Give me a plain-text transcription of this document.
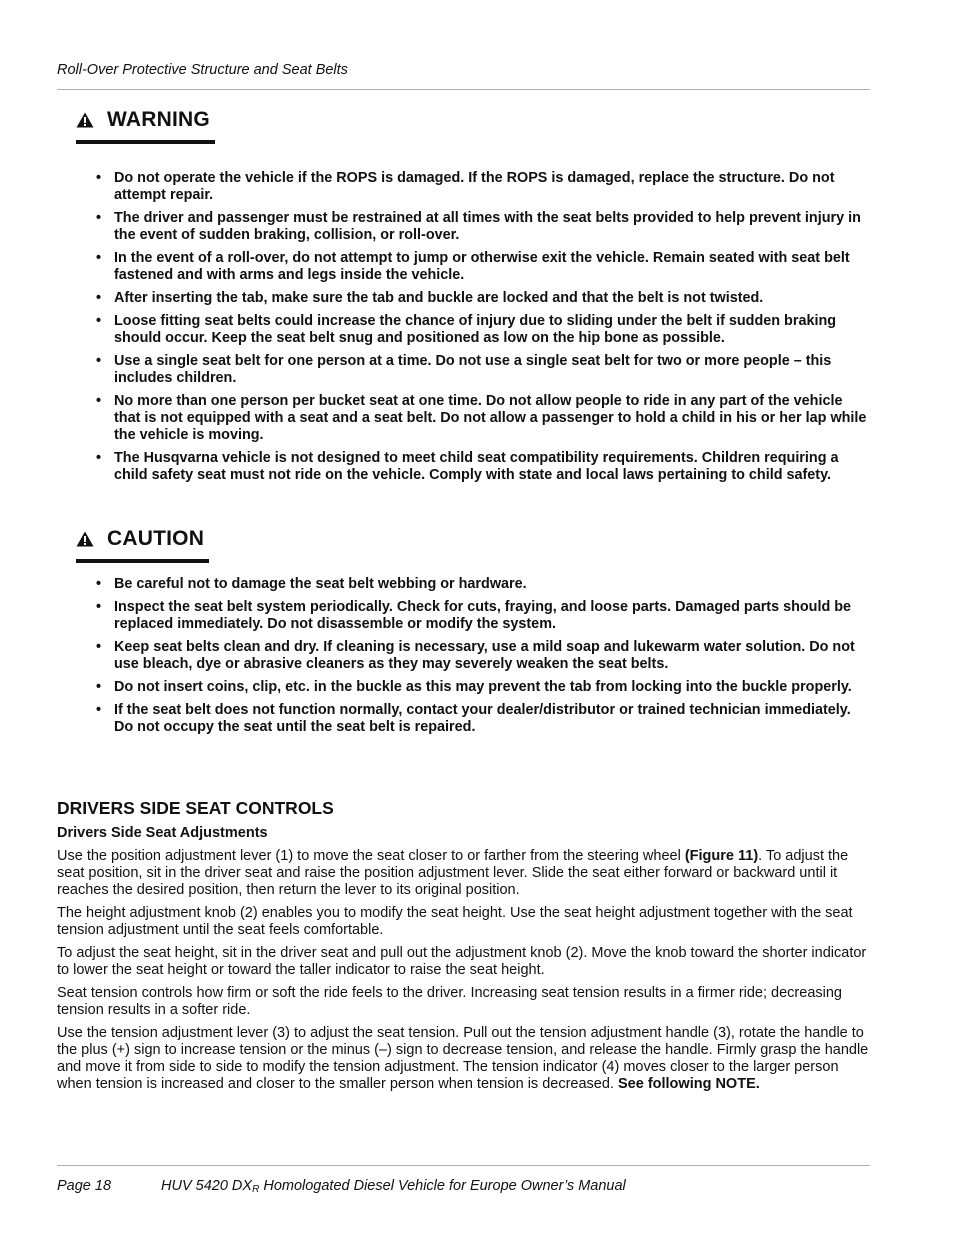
Roll-Over Protective Structure and Seat Belts
WARNING
• Do not operate the vehicle if the ROPS is damaged. If the ROPS is damaged, replace the structure. Do not attempt repair.
• The driver and passenger must be restrained at all times with the seat belts provided to help prevent injury in the event of sudden braking, collision, or roll-over.
• In the event of a roll-over, do not attempt to jump or otherwise exit the vehicle. Remain seated with seat belt fastened and with arms and legs inside the vehicle.
• After inserting the tab, make sure the tab and buckle are locked and that the belt is not twisted.
• Loose fitting seat belts could increase the chance of injury due to sliding under the belt if sudden braking should occur. Keep the seat belt snug and positioned as low on the hip bone as possible.
• Use a single seat belt for one person at a time. Do not use a single seat belt for two or more people – this includes children.
• No more than one person per bucket seat at one time. Do not allow people to ride in any part of the vehicle that is not equipped with a seat and a seat belt. Do not allow a passenger to hold a child in his or her lap while the vehicle is moving.
• The Husqvarna vehicle is not designed to meet child seat compatibility requirements. Children requiring a child safety seat must not ride on the vehicle. Comply with state and local laws pertaining to child safety.
CAUTION
• Be careful not to damage the seat belt webbing or hardware.
• Inspect the seat belt system periodically. Check for cuts, fraying, and loose parts. Damaged parts should be replaced immediately. Do not disassemble or modify the system.
• Keep seat belts clean and dry. If cleaning is necessary, use a mild soap and lukewarm water solution. Do not use bleach, dye or abrasive cleaners as they may severely weaken the seat belts.
• Do not insert coins, clip, etc. in the buckle as this may prevent the tab from locking into the buckle properly.
• If the seat belt does not function normally, contact your dealer/distributor or trained technician immediately. Do not occupy the seat until the seat belt is repaired.
DRIVERS SIDE SEAT CONTROLS
Drivers Side Seat Adjustments

Use the position adjustment lever (1) to move the seat closer to or farther from the steering wheel (Figure 11). To adjust the seat position, sit in the driver seat and raise the position adjustment lever. Slide the seat either forward or backward until it reaches the desired position, then return the lever to its original position.

The height adjustment knob (2) enables you to modify the seat height. Use the seat height adjustment together with the seat tension adjustment until the seat feels comfortable.

To adjust the seat height, sit in the driver seat and pull out the adjustment knob (2). Move the knob toward the shorter indicator to lower the seat height or toward the taller indicator to raise the seat height.

Seat tension controls how firm or soft the ride feels to the driver. Increasing seat tension results in a firmer ride; decreasing tension results in a softer ride.

Use the tension adjustment lever (3) to adjust the seat tension. Pull out the tension adjustment handle (3), rotate the handle to the plus (+) sign to increase tension or the minus (–) sign to decrease tension, and release the handle. Firmly grasp the handle and move it from side to side to modify the tension adjustment. The tension indicator (4) moves closer to the larger person when tension is increased and closer to the smaller person when tension is decreased. See following NOTE.

Page 18	HUV 5420 $DX_R$ Homologated Diesel Vehicle for Europe Owner’s Manual
